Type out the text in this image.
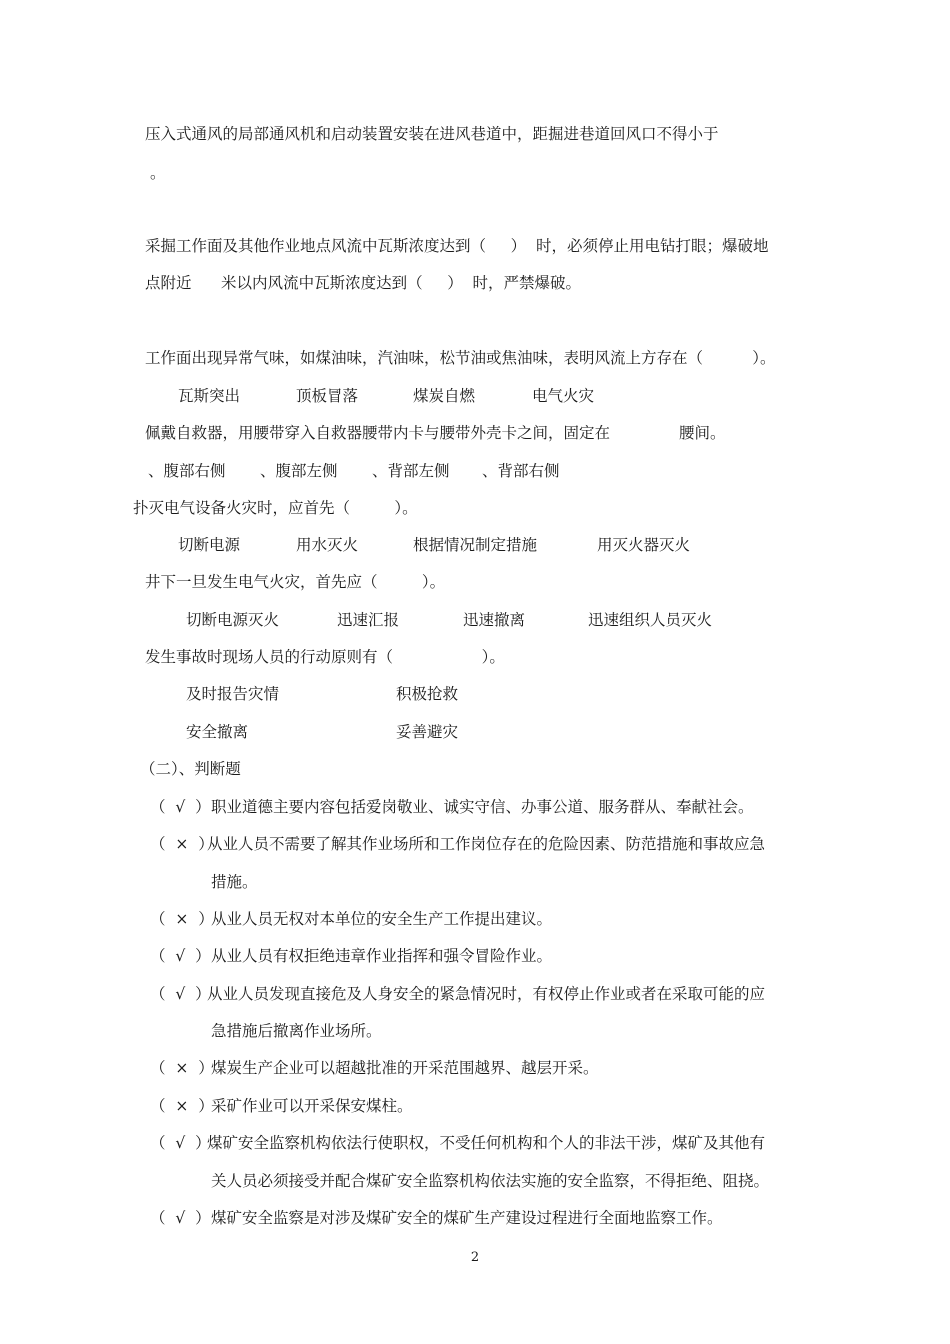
压入式通风的局部通风机和启动装置安装在进风巷道中，距掘进巷道回风口不得小于
。
采掘工作面及其他作业地点风流中瓦斯浓度达到（     ）  时，必须停止用电钻打眼；爆破地
点附近      米以内风流中瓦斯浓度达到（     ）  时，严禁爆破。
工作面出现异常气味，如煤油味，汽油味，松节油或焦油味，表明风流上方存在（          ）。
瓦斯突出	顶板冒落	煤炭自燃	电气火灾
佩戴自救器，用腰带穿入自救器腰带内卡与腰带外壳卡之间，固定在              腰间。
、腹部右侧 、腹部左侧 、背部左侧 、背部右侧
扑灭电气设备火灾时，应首先（         ）。
切断电源	用水灭火	根据情况制定措施	用灭火器灭火
井下一旦发生电气火灾，首先应（         ）。
切断电源灭火	迅速汇报	迅速撤离	迅速组织人员灭火
发生事故时现场人员的行动原则有（                  ）。
及时报告灾情	积极抢救
安全撤离	妥善避灾
（二）、判断题
（  √  ） 职业道德主要内容包括爱岗敬业、诚实守信、办事公道、服务群从、奉献社会。
（  ×  ）
从业人员不需要了解其作业场所和工作岗位存在的危险因素、防范措施和事故应急
措施。
（  ×  ）
从业人员无权对本单位的安全生产工作提出建议。
（  √  ） 从业人员有权拒绝违章作业指挥和强令冒险作业。
（  √  ）
从业人员发现直接危及人身安全的紧急情况时，有权停止作业或者在采取可能的应
急措施后撤离作业场所。
（  ×  ）
煤炭生产企业可以超越批准的开采范围越界、越层开采。
（  ×  ）
采矿作业可以开采保安煤柱。
（  √  ）
煤矿安全监察机构依法行使职权，不受任何机构和个人的非法干涉，煤矿及其他有
关人员必须接受并配合煤矿安全监察机构依法实施的安全监察，不得拒绝、阻挠。
（  √  ） 煤矿安全监察是对涉及煤矿安全的煤矿生产建设过程进行全面地监察工作。
2
